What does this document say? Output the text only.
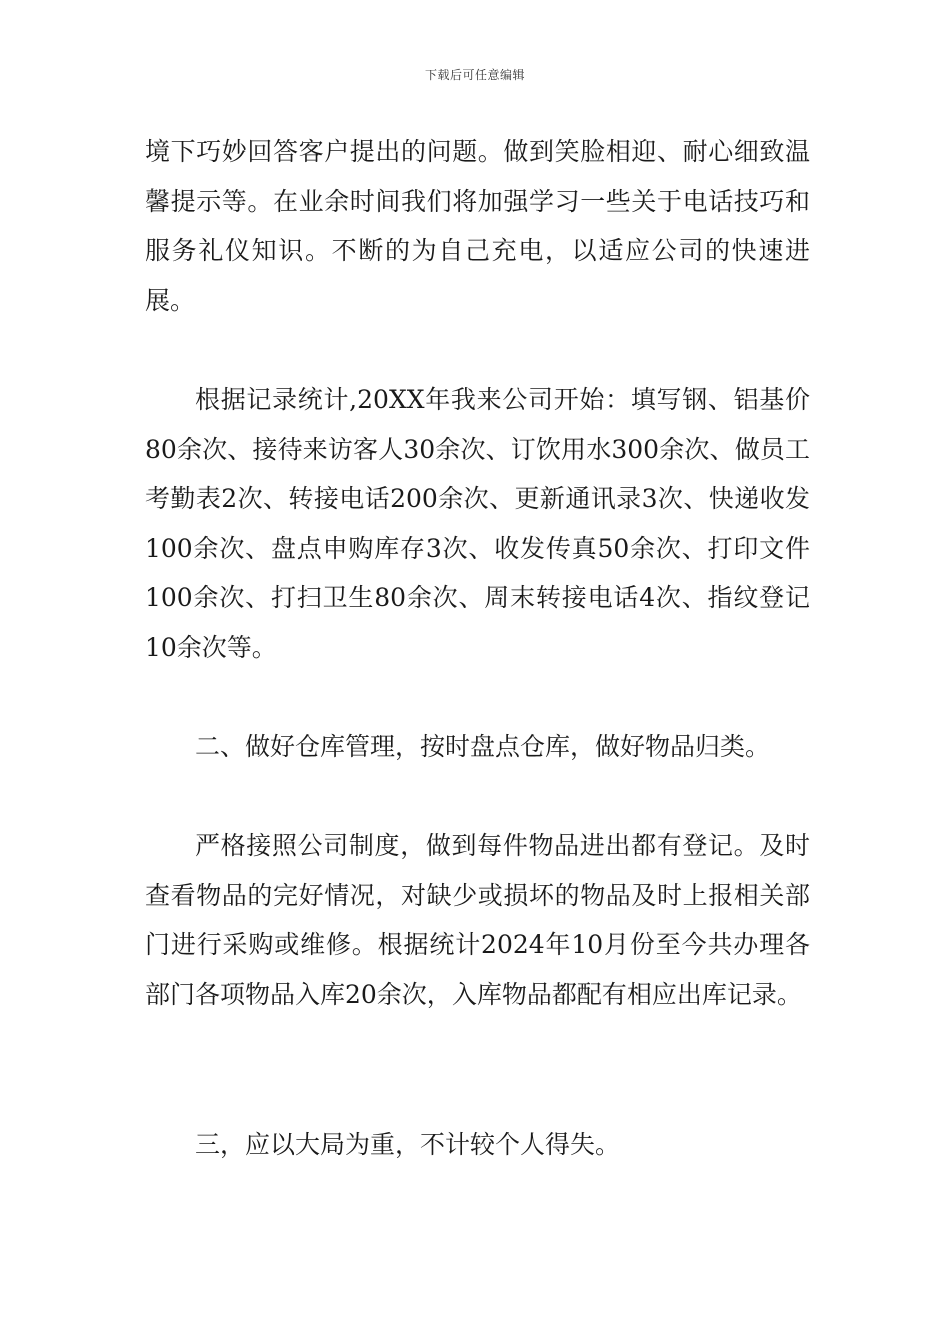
下载后可任意编辑

境下巧妙回答客户提出的问题。做到笑脸相迎、耐心细致温馨提示等。在业余时间我们将加强学习一些关于电话技巧和服务礼仪知识。不断的为自己充电，以适应公司的快速进展。

根据记录统计,20XX年我来公司开始：填写钢、铝基价80余次、接待来访客人30余次、订饮用水300余次、做员工考勤表2次、转接电话200余次、更新通讯录3次、快递收发100余次、盘点申购库存3次、收发传真50余次、打印文件100余次、打扫卫生80余次、周末转接电话4次、指纹登记10余次等。

二、做好仓库管理，按时盘点仓库，做好物品归类。

严格接照公司制度，做到每件物品进出都有登记。及时查看物品的完好情况，对缺少或损坏的物品及时上报相关部门进行采购或维修。根据统计2024年10月份至今共办理各部门各项物品入库20余次，入库物品都配有相应出库记录。

三，应以大局为重，不计较个人得失。
